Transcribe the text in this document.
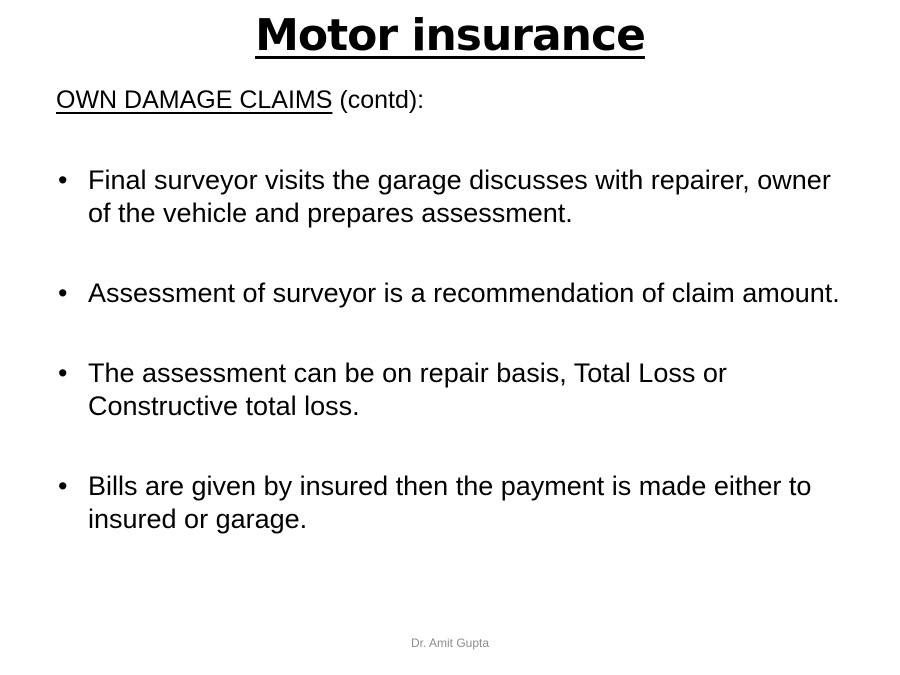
Motor insurance
OWN DAMAGE CLAIMS (contd):
• Final surveyor visits the garage discusses with repairer, owner of the vehicle and prepares assessment.
• Assessment of surveyor is a recommendation of claim amount.
• The assessment can be on repair basis, Total Loss or Constructive total loss.
• Bills are given by insured then the payment is made either to insured or garage.
Dr. Amit Gupta
